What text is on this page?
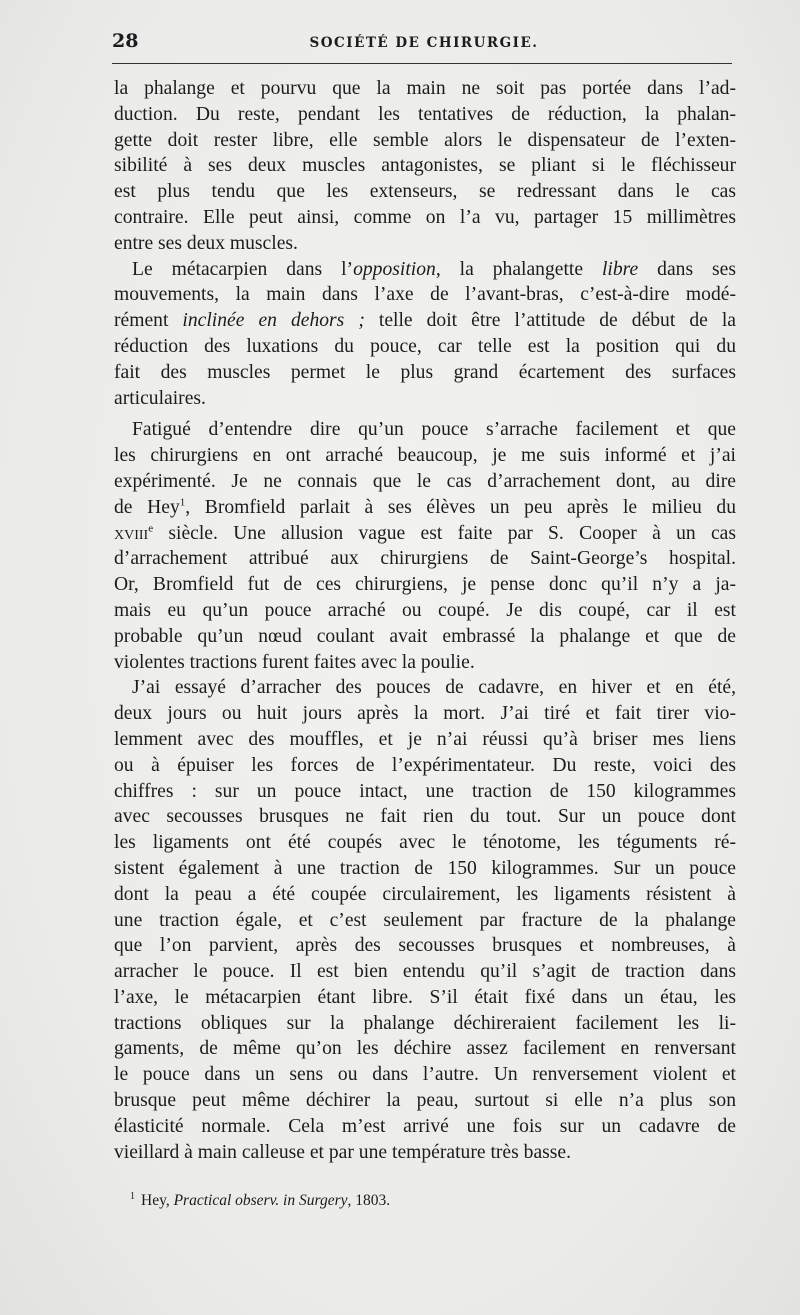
28	SOCIÉTÉ DE CHIRURGIE.

la phalange et pourvu que la main ne soit pas portée dans l’ad-
duction. Du reste, pendant les tentatives de réduction, la phalan-
gette doit rester libre, elle semble alors le dispensateur de l’exten-
sibilité à ses deux muscles antagonistes, se pliant si le fléchisseur
est plus tendu que les extenseurs, se redressant dans le cas
contraire. Elle peut ainsi, comme on l’a vu, partager 15 millimètres
entre ses deux muscles.

Le métacarpien dans l’opposition, la phalangette libre dans ses
mouvements, la main dans l’axe de l’avant-bras, c’est-à-dire modé-
rément inclinée en dehors ; telle doit être l’attitude de début de la
réduction des luxations du pouce, car telle est la position qui du
fait des muscles permet le plus grand écartement des surfaces
articulaires.

Fatigué d’entendre dire qu’un pouce s’arrache facilement et que
les chirurgiens en ont arraché beaucoup, je me suis informé et j’ai
expérimenté. Je ne connais que le cas d’arrachement dont, au dire
de Hey$^1$, Bromfield parlait à ses élèves un peu après le milieu du
xviii$^e$ siècle. Une allusion vague est faite par S. Cooper à un cas
d’arrachement attribué aux chirurgiens de Saint-George’s hospital.
Or, Bromfield fut de ces chirurgiens, je pense donc qu’il n’y a ja-
mais eu qu’un pouce arraché ou coupé. Je dis coupé, car il est
probable qu’un nœud coulant avait embrassé la phalange et que de
violentes tractions furent faites avec la poulie.

J’ai essayé d’arracher des pouces de cadavre, en hiver et en été,
deux jours ou huit jours après la mort. J’ai tiré et fait tirer vio-
lemment avec des mouffles, et je n’ai réussi qu’à briser mes liens
ou à épuiser les forces de l’expérimentateur. Du reste, voici des
chiffres : sur un pouce intact, une traction de 150 kilogrammes
avec secousses brusques ne fait rien du tout. Sur un pouce dont
les ligaments ont été coupés avec le ténotome, les téguments ré-
sistent également à une traction de 150 kilogrammes. Sur un pouce
dont la peau a été coupée circulairement, les ligaments résistent à
une traction égale, et c’est seulement par fracture de la phalange
que l’on parvient, après des secousses brusques et nombreuses, à
arracher le pouce. Il est bien entendu qu’il s’agit de traction dans
l’axe, le métacarpien étant libre. S’il était fixé dans un étau, les
tractions obliques sur la phalange déchireraient facilement les li-
gaments, de même qu’on les déchire assez facilement en renversant
le pouce dans un sens ou dans l’autre. Un renversement violent et
brusque peut même déchirer la peau, surtout si elle n’a plus son
élasticité normale. Cela m’est arrivé une fois sur un cadavre de
vieillard à main calleuse et par une température très basse.

$^1$ Hey, Practical observ. in Surgery, 1803.
